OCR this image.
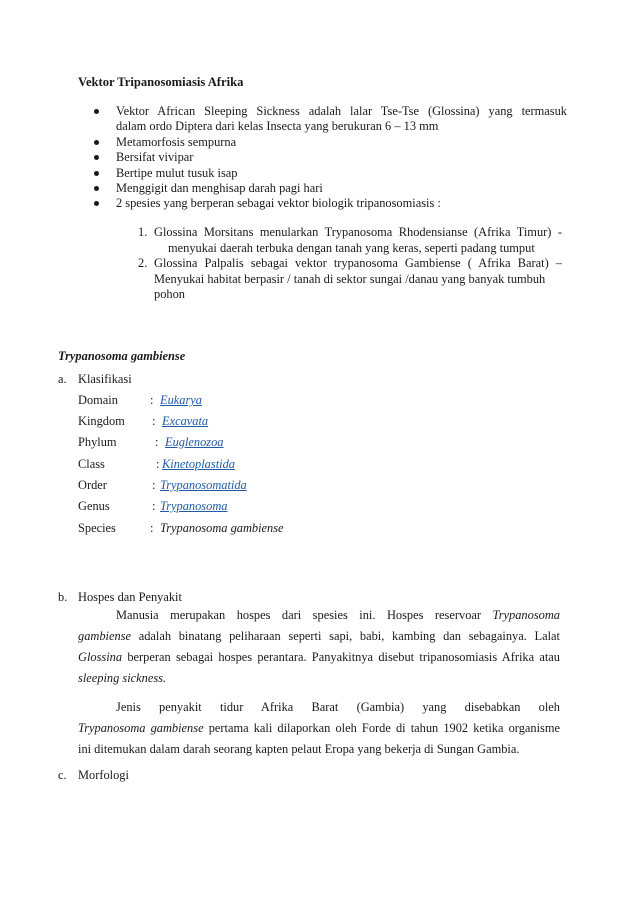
Vektor Tripanosomiasis Afrika
Vektor African Sleeping Sickness adalah lalar Tse-Tse (Glossina) yang termasuk
dalam ordo Diptera dari kelas Insecta yang berukuran 6 – 13 mm
Metamorfosis sempurna
Bersifat vivipar
Bertipe mulut tusuk isap
Menggigit dan menghisap darah pagi hari
2 spesies yang berperan sebagai vektor biologik tripanosomiasis :
1. Glossina Morsitans menularkan Trypanosoma Rhodensianse (Afrika Timur) -
menyukai daerah terbuka dengan tanah yang keras, seperti padang tumput
2. Glossina Palpalis sebagai vektor trypanosoma Gambiense ( Afrika Barat) –
Menyukai habitat berpasir / tanah di sektor sungai /danau yang banyak tumbuh
pohon
Trypanosoma gambiense
a. Klasifikasi
Domain	: Eukarya
Kingdom : Excavata
Phylum	: Euglenozoa
Class	: Kinetoplastida
Order	: Trypanosomatida
Genus	: Trypanosoma
Species	: Trypanosoma gambiense
b. Hospes dan Penyakit
Manusia merupakan hospes dari spesies ini. Hospes reservoar Trypanosoma
gambiense adalah binatang peliharaan seperti sapi, babi, kambing dan sebagainya. Lalat
Glossina berperan sebagai hospes perantara. Panyakitnya disebut tripanosomiasis Afrika atau
sleeping sickness.
Jenis penyakit tidur Afrika Barat (Gambia) yang disebabkan oleh
Trypanosoma gambiense pertama kali dilaporkan oleh Forde di tahun 1902 ketika organisme
ini ditemukan dalam darah seorang kapten pelaut Eropa yang bekerja di Sungan Gambia.
c. Morfologi
